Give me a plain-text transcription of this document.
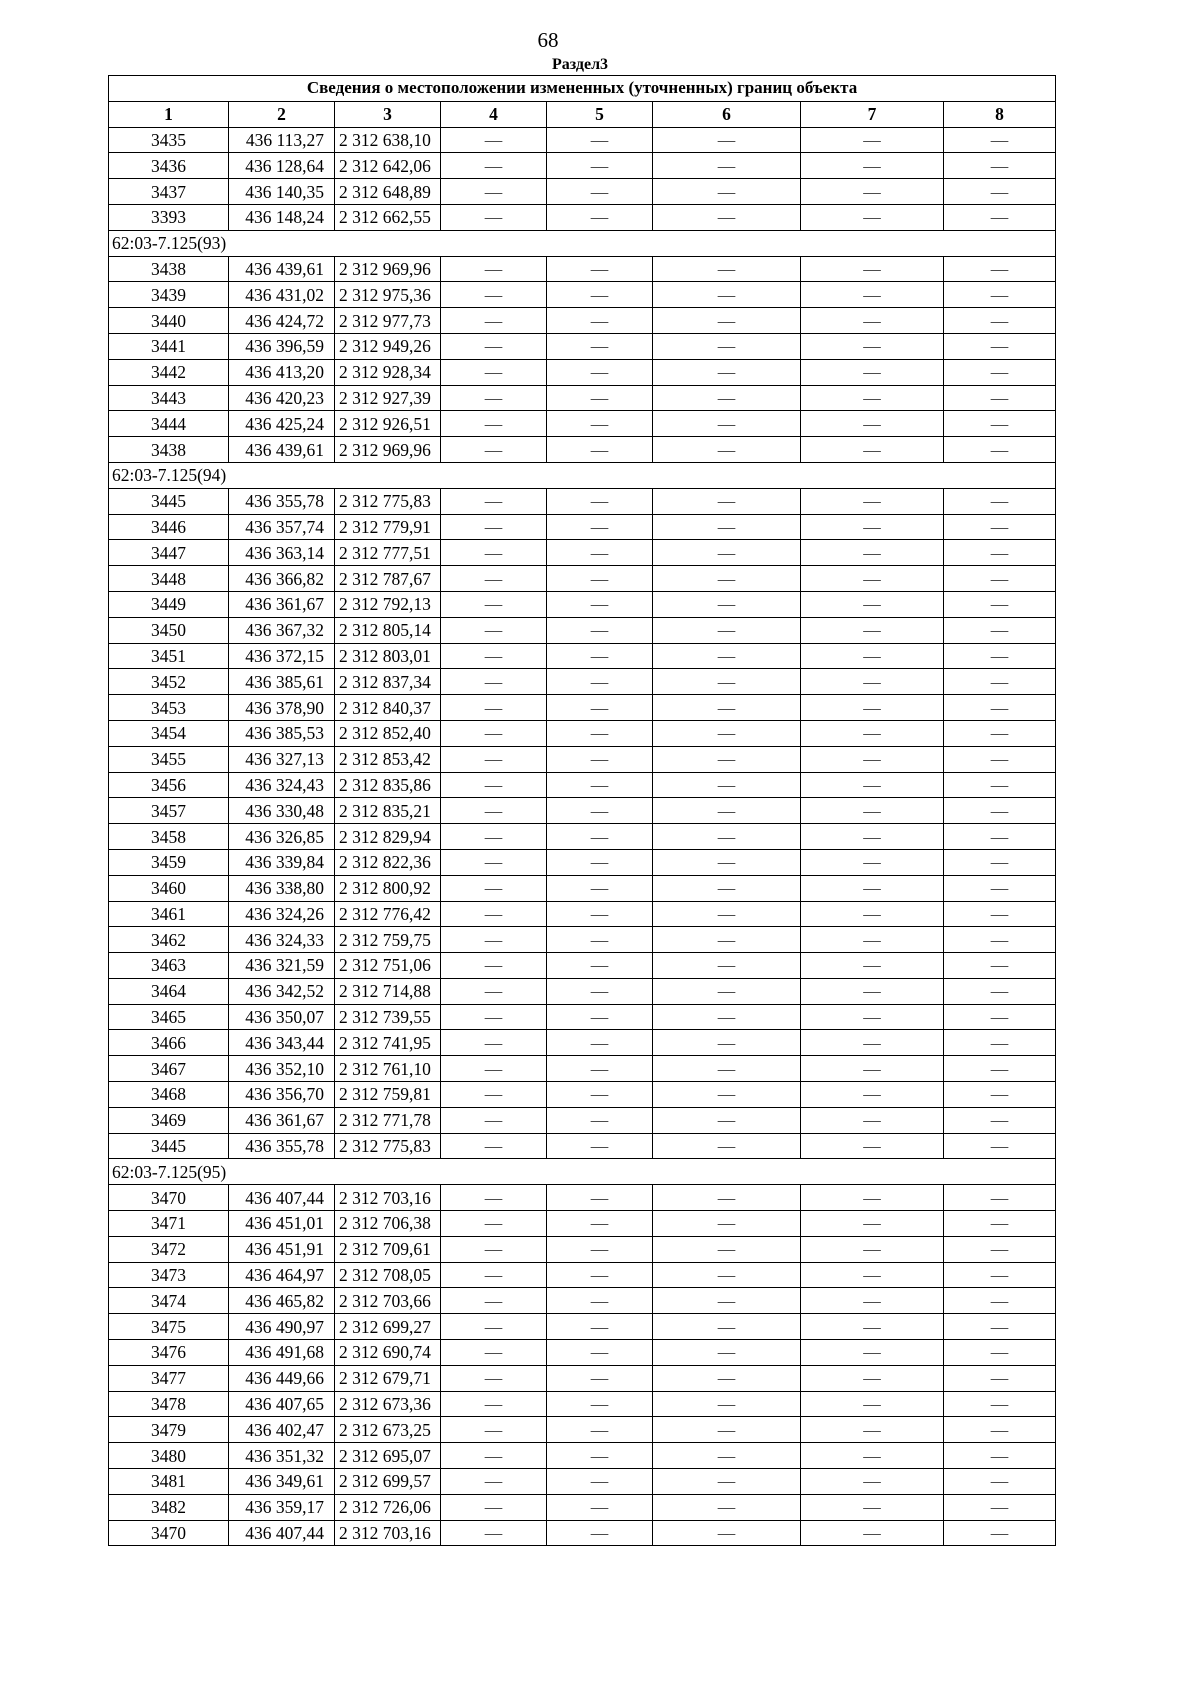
68
Раздел3
Сведения о местоположении измененных (уточненных) границ объекта							
1	2	3	4	5	6	7	8
3435	436 113,27	2 312 638,10	—	—	—	—	—
3436	436 128,64	2 312 642,06	—	—	—	—	—
3437	436 140,35	2 312 648,89	—	—	—	—	—
3393	436 148,24	2 312 662,55	—	—	—	—	—
62:03-7.125(93)							
3438	436 439,61	2 312 969,96	—	—	—	—	—
3439	436 431,02	2 312 975,36	—	—	—	—	—
3440	436 424,72	2 312 977,73	—	—	—	—	—
3441	436 396,59	2 312 949,26	—	—	—	—	—
3442	436 413,20	2 312 928,34	—	—	—	—	—
3443	436 420,23	2 312 927,39	—	—	—	—	—
3444	436 425,24	2 312 926,51	—	—	—	—	—
3438	436 439,61	2 312 969,96	—	—	—	—	—
62:03-7.125(94)							
3445	436 355,78	2 312 775,83	—	—	—	—	—
3446	436 357,74	2 312 779,91	—	—	—	—	—
3447	436 363,14	2 312 777,51	—	—	—	—	—
3448	436 366,82	2 312 787,67	—	—	—	—	—
3449	436 361,67	2 312 792,13	—	—	—	—	—
3450	436 367,32	2 312 805,14	—	—	—	—	—
3451	436 372,15	2 312 803,01	—	—	—	—	—
3452	436 385,61	2 312 837,34	—	—	—	—	—
3453	436 378,90	2 312 840,37	—	—	—	—	—
3454	436 385,53	2 312 852,40	—	—	—	—	—
3455	436 327,13	2 312 853,42	—	—	—	—	—
3456	436 324,43	2 312 835,86	—	—	—	—	—
3457	436 330,48	2 312 835,21	—	—	—	—	—
3458	436 326,85	2 312 829,94	—	—	—	—	—
3459	436 339,84	2 312 822,36	—	—	—	—	—
3460	436 338,80	2 312 800,92	—	—	—	—	—
3461	436 324,26	2 312 776,42	—	—	—	—	—
3462	436 324,33	2 312 759,75	—	—	—	—	—
3463	436 321,59	2 312 751,06	—	—	—	—	—
3464	436 342,52	2 312 714,88	—	—	—	—	—
3465	436 350,07	2 312 739,55	—	—	—	—	—
3466	436 343,44	2 312 741,95	—	—	—	—	—
3467	436 352,10	2 312 761,10	—	—	—	—	—
3468	436 356,70	2 312 759,81	—	—	—	—	—
3469	436 361,67	2 312 771,78	—	—	—	—	—
3445	436 355,78	2 312 775,83	—	—	—	—	—
62:03-7.125(95)							
3470	436 407,44	2 312 703,16	—	—	—	—	—
3471	436 451,01	2 312 706,38	—	—	—	—	—
3472	436 451,91	2 312 709,61	—	—	—	—	—
3473	436 464,97	2 312 708,05	—	—	—	—	—
3474	436 465,82	2 312 703,66	—	—	—	—	—
3475	436 490,97	2 312 699,27	—	—	—	—	—
3476	436 491,68	2 312 690,74	—	—	—	—	—
3477	436 449,66	2 312 679,71	—	—	—	—	—
3478	436 407,65	2 312 673,36	—	—	—	—	—
3479	436 402,47	2 312 673,25	—	—	—	—	—
3480	436 351,32	2 312 695,07	—	—	—	—	—
3481	436 349,61	2 312 699,57	—	—	—	—	—
3482	436 359,17	2 312 726,06	—	—	—	—	—
3470	436 407,44	2 312 703,16	—	—	—	—	—
